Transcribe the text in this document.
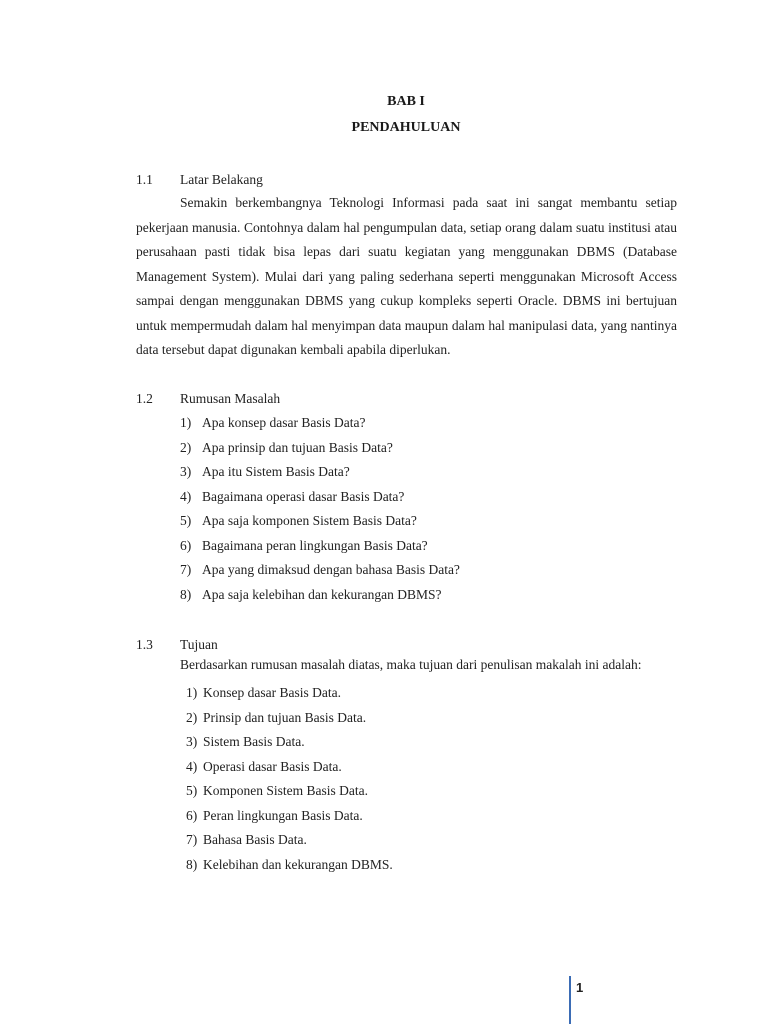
BAB I
PENDAHULUAN
1.1 Latar Belakang

Semakin berkembangnya Teknologi Informasi pada saat ini sangat membantu setiap pekerjaan manusia. Contohnya dalam hal pengumpulan data, setiap orang dalam suatu institusi atau perusahaan pasti tidak bisa lepas dari suatu kegiatan yang menggunakan DBMS (Database Management System). Mulai dari yang paling sederhana seperti menggunakan Microsoft Access sampai dengan menggunakan DBMS yang cukup kompleks seperti Oracle. DBMS ini bertujuan untuk mempermudah dalam hal menyimpan data maupun dalam hal manipulasi data, yang nantinya data tersebut dapat digunakan kembali apabila diperlukan.

1.2 Rumusan Masalah
1) Apa konsep dasar Basis Data?
2) Apa prinsip dan tujuan Basis Data?
3) Apa itu Sistem Basis Data?
4) Bagaimana operasi dasar Basis Data?
5) Apa saja komponen Sistem Basis Data?
6) Bagaimana peran lingkungan Basis Data?
7) Apa yang dimaksud dengan bahasa Basis Data?
8) Apa saja kelebihan dan kekurangan DBMS?
1.3 Tujuan
Berdasarkan rumusan masalah diatas, maka tujuan dari penulisan makalah ini adalah:
1) Konsep dasar Basis Data.
2) Prinsip dan tujuan Basis Data.
3) Sistem Basis Data.
4) Operasi dasar Basis Data.
5) Komponen Sistem Basis Data.
6) Peran lingkungan Basis Data.
7) Bahasa Basis Data.
8) Kelebihan dan kekurangan DBMS.
1
